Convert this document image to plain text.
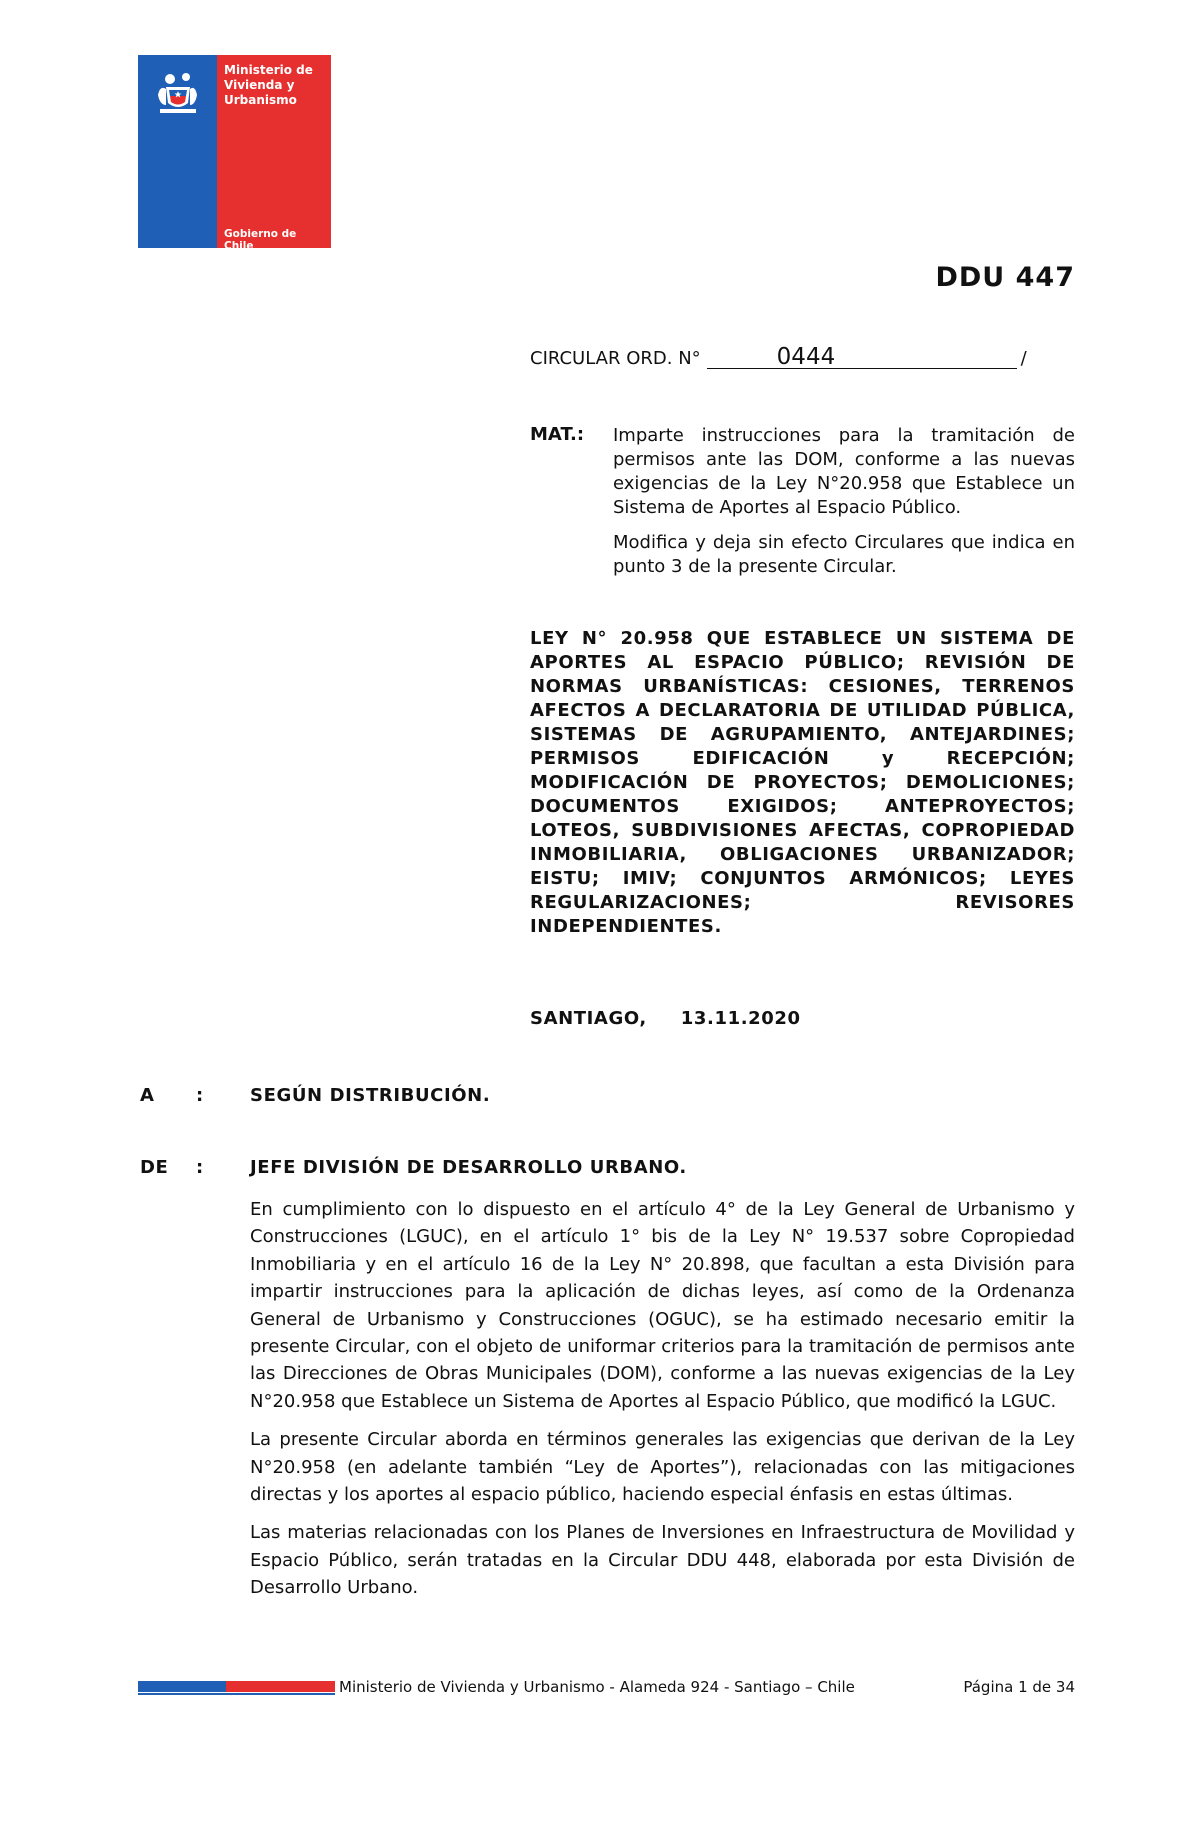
Ministerio de
Vivienda y
Urbanismo
Gobierno de Chile
DDU 447
CIRCULAR ORD. N°	0444	/
MAT.: Imparte instrucciones para la tramitación de permisos ante las DOM, conforme a las nuevas exigencias de la Ley N°20.958 que Establece un Sistema de Aportes al Espacio Público.

Modifica y deja sin efecto Circulares que indica en punto 3 de la presente Circular.

LEY N° 20.958 QUE ESTABLECE UN SISTEMA DE APORTES AL ESPACIO PÚBLICO; REVISIÓN DE NORMAS URBANÍSTICAS: CESIONES, TERRENOS AFECTOS A DECLARATORIA DE UTILIDAD PÚBLICA, SISTEMAS DE AGRUPAMIENTO, ANTEJARDINES; PERMISOS EDIFICACIÓN y RECEPCIÓN; MODIFICACIÓN DE PROYECTOS; DEMOLICIONES; DOCUMENTOS EXIGIDOS; ANTEPROYECTOS; LOTEOS, SUBDIVISIONES AFECTAS, COPROPIEDAD INMOBILIARIA, OBLIGACIONES URBANIZADOR; EISTU; IMIV; CONJUNTOS ARMÓNICOS; LEYES REGULARIZACIONES; REVISORES INDEPENDIENTES.

SANTIAGO, 13.11.2020
A :	SEGÚN DISTRIBUCIÓN.
DE :	JEFE DIVISIÓN DE DESARROLLO URBANO.

En cumplimiento con lo dispuesto en el artículo 4° de la Ley General de Urbanismo y Construcciones (LGUC), en el artículo 1° bis de la Ley N° 19.537 sobre Copropiedad Inmobiliaria y en el artículo 16 de la Ley N° 20.898, que facultan a esta División para impartir instrucciones para la aplicación de dichas leyes, así como de la Ordenanza General de Urbanismo y Construcciones (OGUC), se ha estimado necesario emitir la presente Circular, con el objeto de uniformar criterios para la tramitación de permisos ante las Direcciones de Obras Municipales (DOM), conforme a las nuevas exigencias de la Ley N°20.958 que Establece un Sistema de Aportes al Espacio Público, que modificó la LGUC.

La presente Circular aborda en términos generales las exigencias que derivan de la Ley N°20.958 (en adelante también “Ley de Aportes”), relacionadas con las mitigaciones directas y los aportes al espacio público, haciendo especial énfasis en estas últimas.

Las materias relacionadas con los Planes de Inversiones en Infraestructura de Movilidad y Espacio Público, serán tratadas en la Circular DDU 448, elaborada por esta División de Desarrollo Urbano.

Ministerio de Vivienda y Urbanismo - Alameda 924 - Santiago – Chile	Página 1 de 34
